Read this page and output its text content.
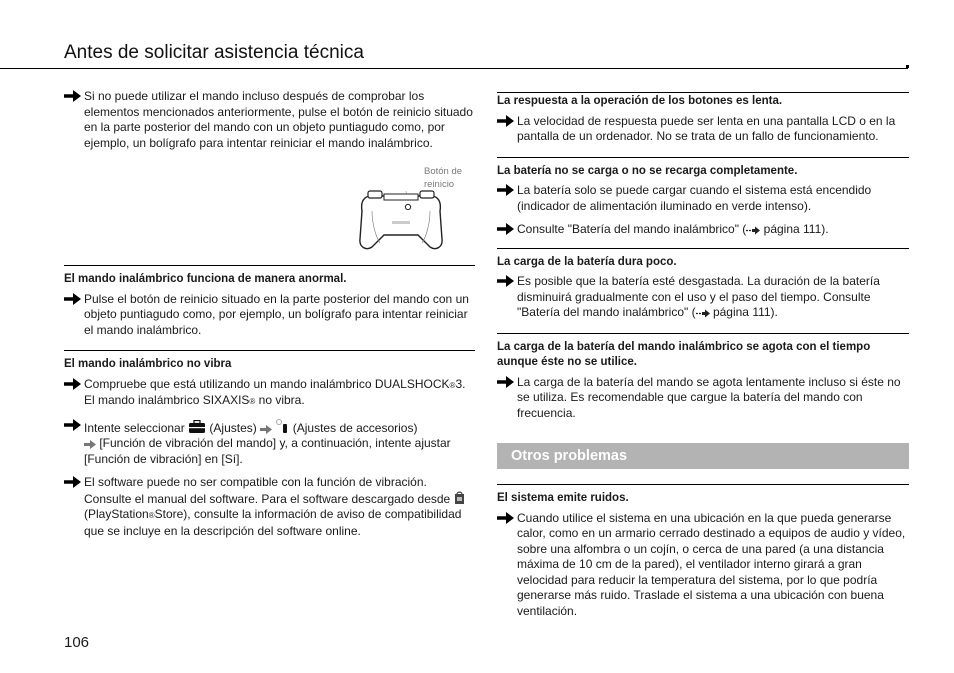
Antes de solicitar asistencia técnica
Si no puede utilizar el mando incluso después de comprobar los elementos mencionados anteriormente, pulse el botón de reinicio situado en la parte posterior del mando con un objeto puntiagudo como, por ejemplo, un bolígrafo para intentar reiniciar el mando inalámbrico.
Botón de
reinicio
El mando inalámbrico funciona de manera anormal.
Pulse el botón de reinicio situado en la parte posterior del mando con un objeto puntiagudo como, por ejemplo, un bolígrafo para intentar reiniciar el mando inalámbrico.
El mando inalámbrico no vibra
Compruebe que está utilizando un mando inalámbrico DUALSHOCK®3. El mando inalámbrico SIXAXIS® no vibra.
Intente seleccionar  (Ajustes)   (Ajustes de accesorios)
[Función de vibración del mando] y, a continuación, intente ajustar [Función de vibración] en [Sí].
El software puede no ser compatible con la función de vibración. Consulte el manual del software. Para el software descargado desde  (PlayStation®Store), consulte la información de aviso de compatibilidad que se incluye en la descripción del software online.
La respuesta a la operación de los botones es lenta.
La velocidad de respuesta puede ser lenta en una pantalla LCD o en la pantalla de un ordenador. No se trata de un fallo de funcionamiento.
La batería no se carga o no se recarga completamente.
La batería solo se puede cargar cuando el sistema está encendido (indicador de alimentación iluminado en verde intenso).
Consulte "Batería del mando inalámbrico" ( página 111).
La carga de la batería dura poco.
Es posible que la batería esté desgastada. La duración de la batería disminuirá gradualmente con el uso y el paso del tiempo. Consulte "Batería del mando inalámbrico" ( página 111).
La carga de la batería del mando inalámbrico se agota con el tiempo aunque éste no se utilice.
La carga de la batería del mando se agota lentamente incluso si éste no se utiliza. Es recomendable que cargue la batería del mando con frecuencia.
Otros problemas
El sistema emite ruidos.
Cuando utilice el sistema en una ubicación en la que pueda generarse calor, como en un armario cerrado destinado a equipos de audio y vídeo, sobre una alfombra o un cojín, o cerca de una pared (a una distancia máxima de 10 cm de la pared), el ventilador interno girará a gran velocidad para reducir la temperatura del sistema, por lo que podría generarse más ruido. Traslade el sistema a una ubicación con buena ventilación.
106
